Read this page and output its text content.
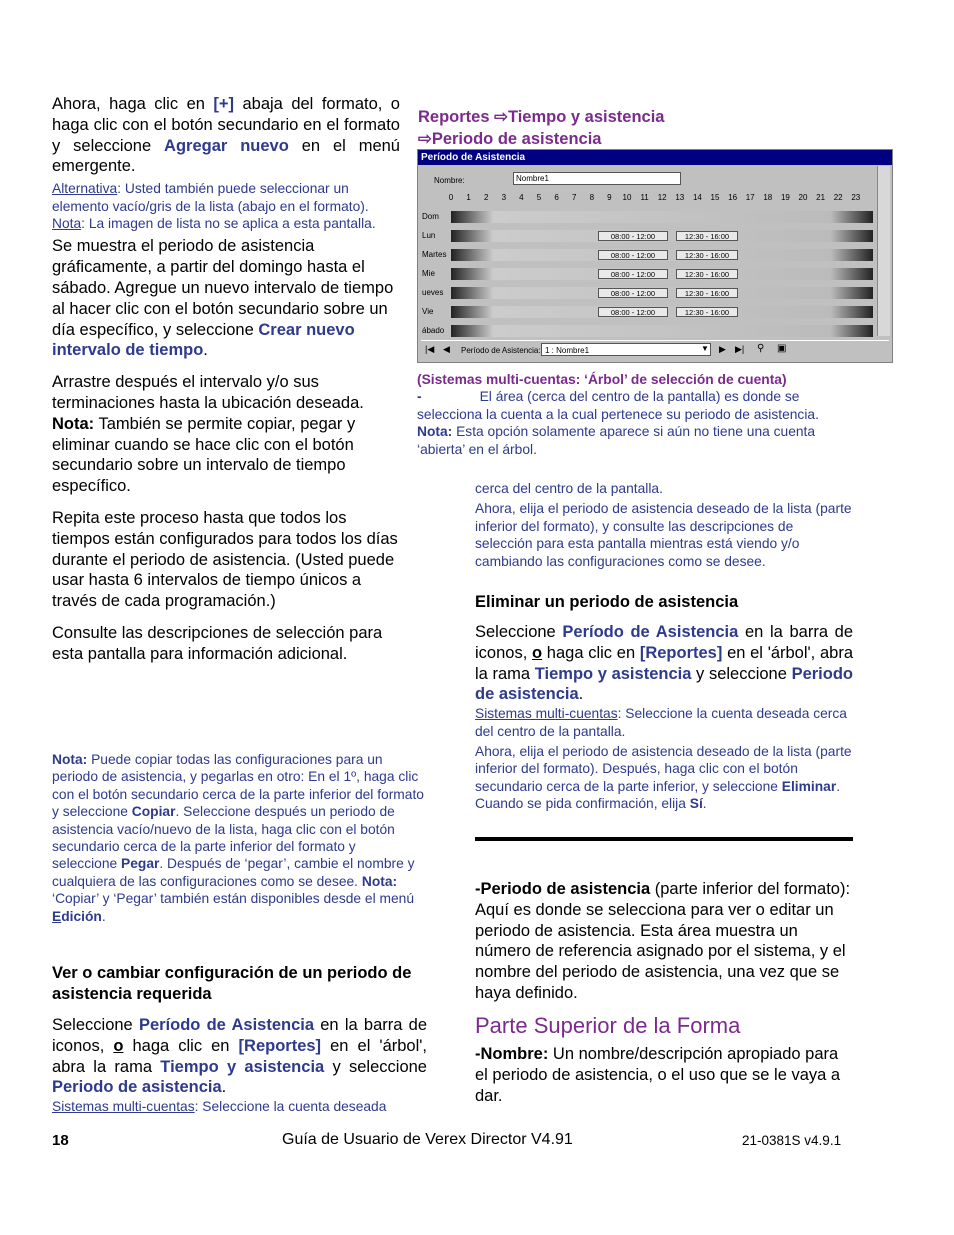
Ahora, haga clic en [+] abaja del formato, o haga clic con el botón secundario en el formato y seleccione Agregar nuevo en el menú emergente.

Alternativa: Usted también puede seleccionar un elemento vacío/gris de la lista (abajo en el formato).

Nota: La imagen de lista no se aplica a esta pantalla.

Se muestra el periodo de asistencia gráficamente, a partir del domingo hasta el sábado. Agregue un nuevo intervalo de tiempo al hacer clic con el botón secundario sobre un día específico, y seleccione Crear nuevo intervalo de tiempo.

Arrastre después el intervalo y/o sus terminaciones hasta la ubicación deseada. Nota: También se permite copiar, pegar y eliminar cuando se hace clic con el botón secundario sobre un intervalo de tiempo específico.

Repita este proceso hasta que todos los tiempos están configurados para todos los días durante el periodo de asistencia. (Usted puede usar hasta 6 intervalos de tiempo únicos a través de cada programación.)

Consulte las descripciones de selección para esta pantalla para información adicional.

Nota: Puede copiar todas las configuraciones para un periodo de asistencia, y pegarlas en otro: En el 1º, haga clic con el botón secundario cerca de la parte inferior del formato y seleccione Copiar. Seleccione después un periodo de asistencia vacío/nuevo de la lista, haga clic con el botón secundario cerca de la parte inferior del formato y seleccione Pegar. Después de ‘pegar’, cambie el nombre y cualquiera de las configuraciones como se desee. Nota: ‘Copiar’ y ‘Pegar’ también están disponibles desde el menú Edición.

Ver o cambiar configuración de un periodo de asistencia requerida

Seleccione Período de Asistencia en la barra de iconos, o haga clic en [Reportes] en el 'árbol', abra la rama Tiempo y asistencia y seleccione Periodo de asistencia.

Sistemas multi-cuentas: Seleccione la cuenta deseada

Reportes ⇨Tiempo y asistencia
⇨Periodo de asistencia

Período de Asistencia
Nombre:
Nombre1
0	1	2	3	4	5	6	7	8	9	10	11	12	13	14	15	16	17	18	19	20	21	22	23
Dom
Lun	08:00 - 12:00	12:30 - 16:00
Martes	08:00 - 12:00	12:30 - 16:00
Mie	08:00 - 12:00	12:30 - 16:00
ueves	08:00 - 12:00	12:30 - 16:00
Vie	08:00 - 12:00	12:30 - 16:00
ábado
|◀ ◀ Período de Asistencia: 1 : Nombre1	▼ ▶ ▶| ⚲ ▣

(Sistemas multi-cuentas: ‘Árbol’ de selección de cuenta)

-	El área (cerca del centro de la pantalla) es donde se selecciona la cuenta a la cual pertenece su periodo de asistencia.

Nota: Esta opción solamente aparece si aún no tiene una cuenta ‘abierta’ en el árbol.

cerca del centro de la pantalla.

Ahora, elija el periodo de asistencia deseado de la lista (parte inferior del formato), y consulte las descripciones de selección para esta pantalla mientras está viendo y/o cambiando las configuraciones como se desee.

Eliminar un periodo de asistencia

Seleccione Período de Asistencia en la barra de iconos, o haga clic en [Reportes] en el 'árbol', abra la rama Tiempo y asistencia y seleccione Periodo de asistencia.

Sistemas multi-cuentas: Seleccione la cuenta deseada cerca del centro de la pantalla.

Ahora, elija el periodo de asistencia deseado de la lista (parte inferior del formato). Después, haga clic con el botón secundario cerca de la parte inferior, y seleccione Eliminar. Cuando se pida confirmación, elija Sí.

-Periodo de asistencia (parte inferior del formato): Aquí es donde se selecciona para ver o editar un periodo de asistencia. Esta área muestra un número de referencia asignado por el sistema, y el nombre del periodo de asistencia, una vez que se haya definido.

Parte Superior de la Forma

-Nombre: Un nombre/descripción apropiado para el periodo de asistencia, o el uso que se le vaya a dar.

18	Guía de Usuario de Verex Director V4.91	21-0381S v4.9.1
